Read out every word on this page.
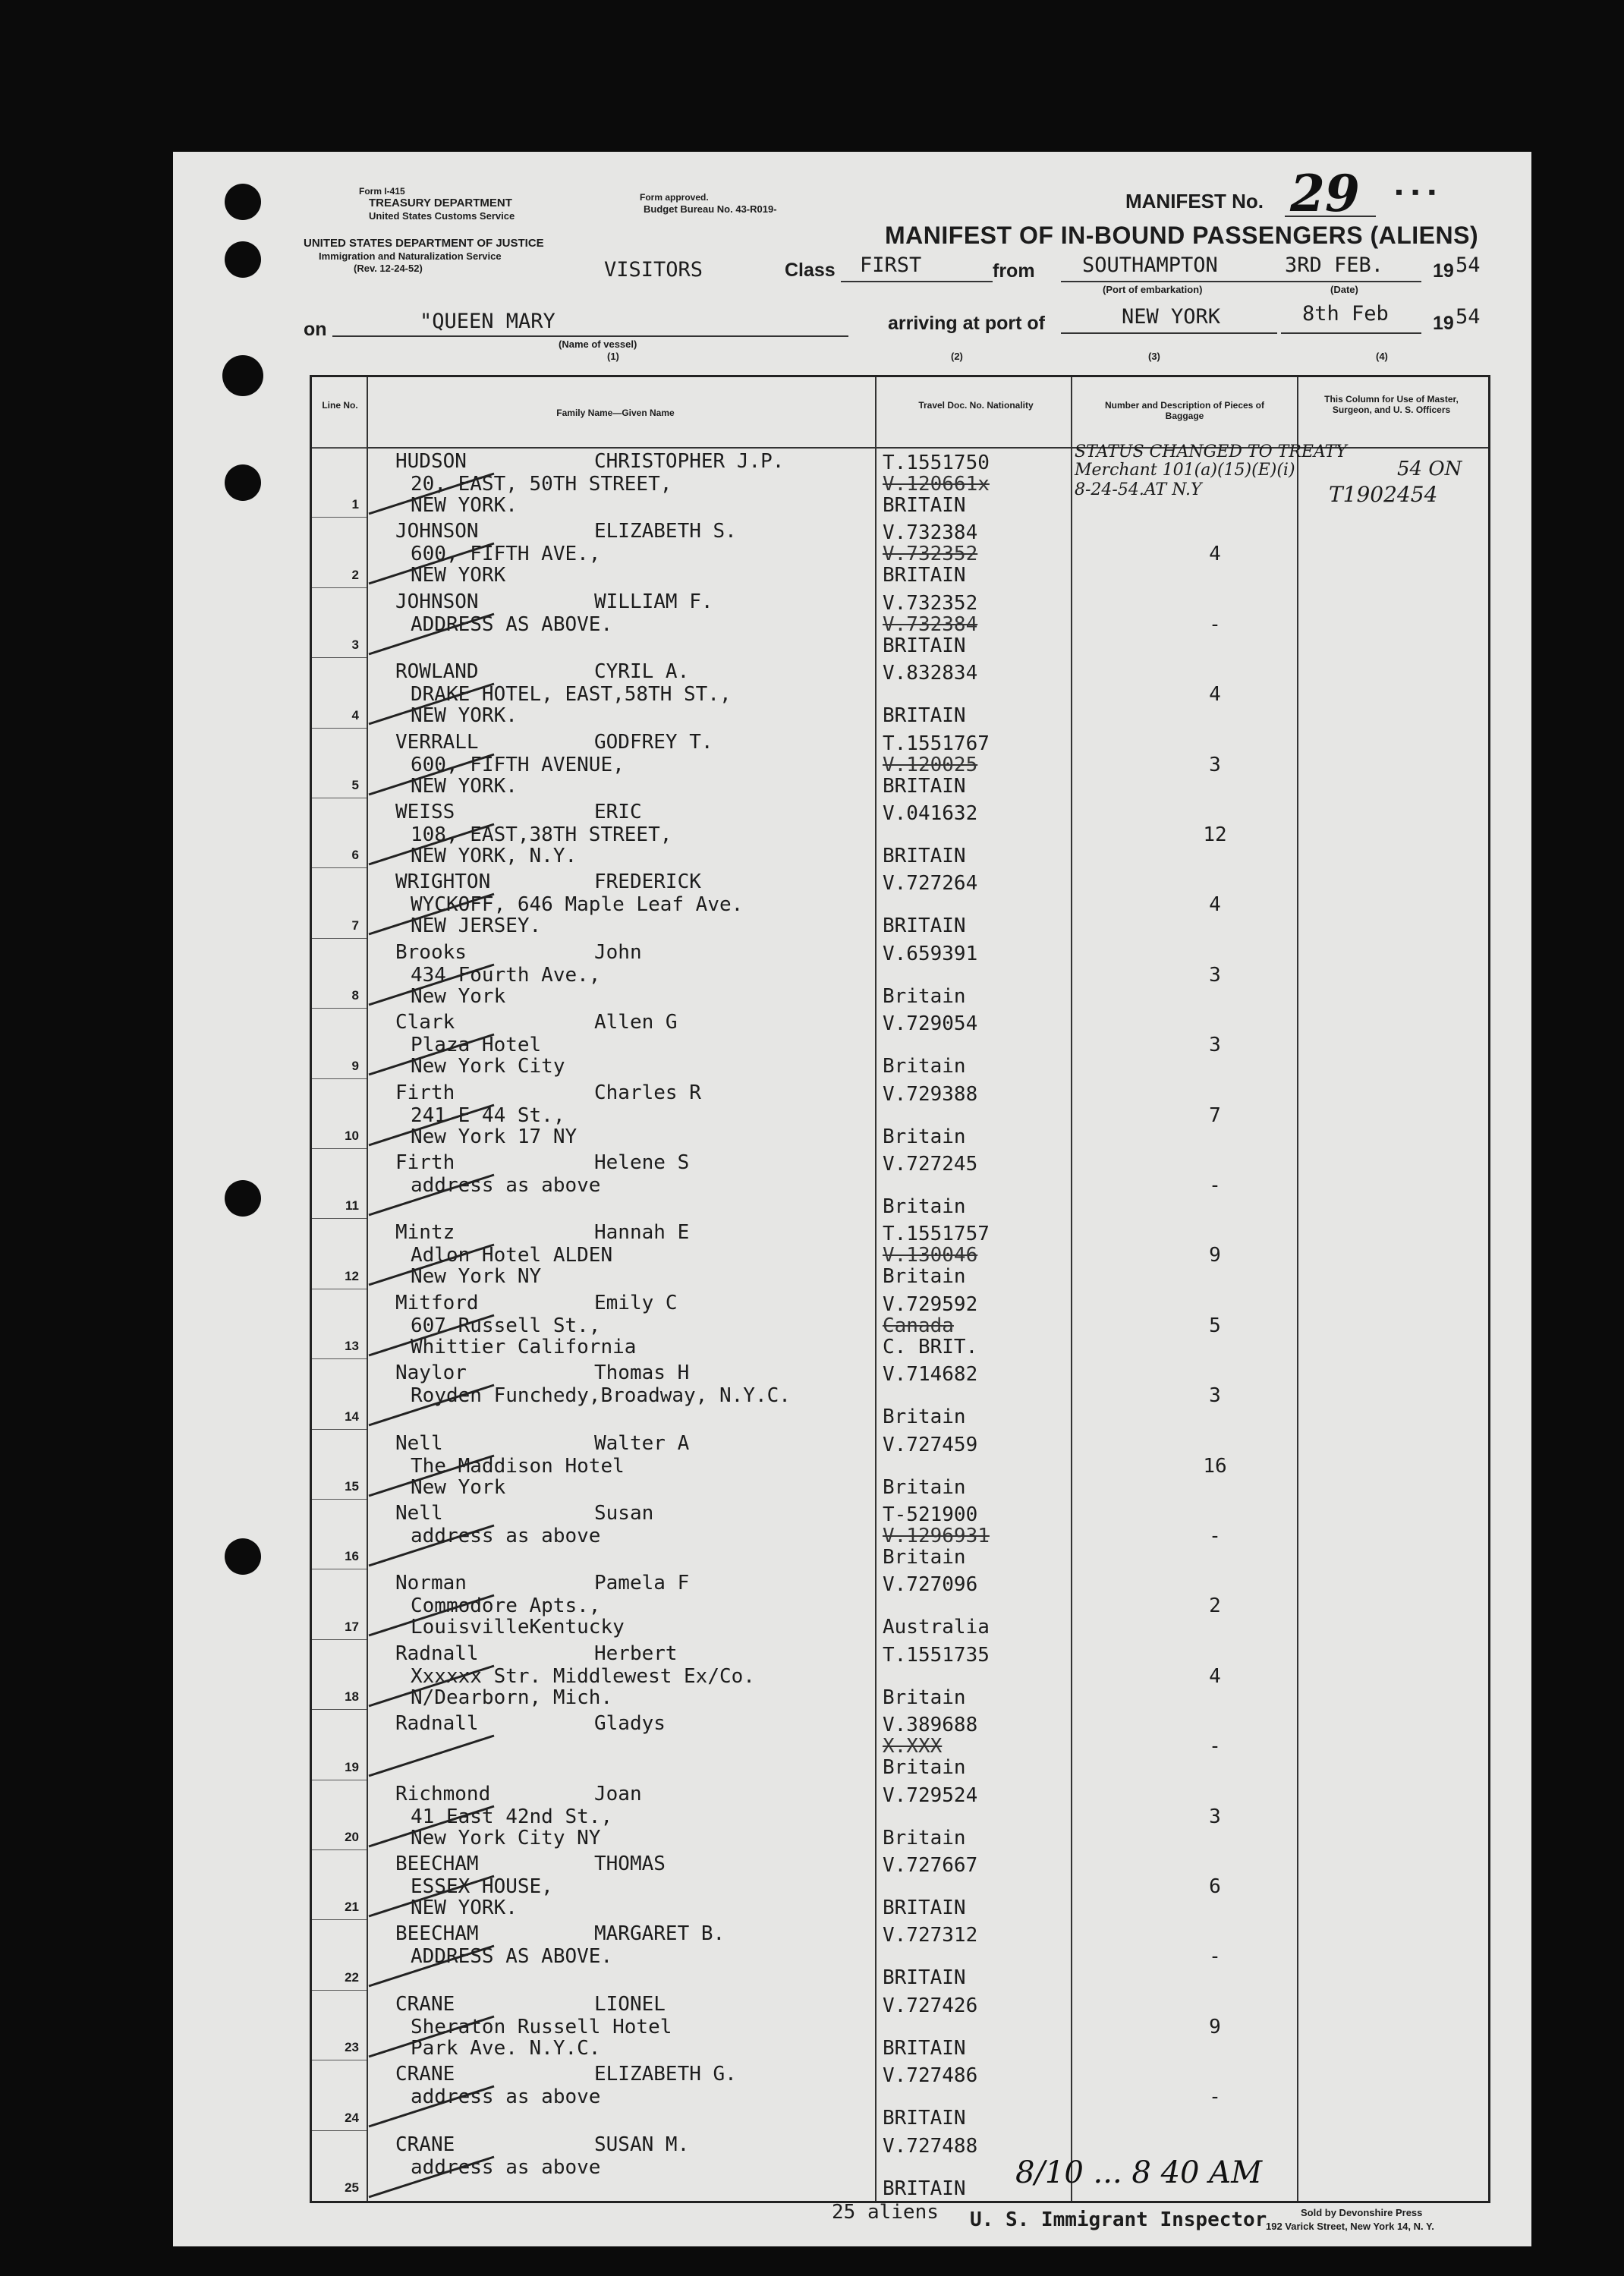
Form I-415
TREASURY DEPARTMENT
United States Customs Service
UNITED STATES DEPARTMENT OF JUSTICE
Immigration and Naturalization Service
(Rev. 12-24-52)
Form approved.
Budget Bureau No. 43-R019-	MANIFEST No. 29	▪ ▪ ▪
MANIFEST OF IN-BOUND PASSENGERS (ALIENS)
VISITORS	Class FIRST	from SOUTHAMPTON
(Port of embarkation)
3RD FEB.
(Date)
19 54
on	"QUEEN MARY
(Name of vessel)
(1)
arriving at port of	NEW YORK	8th Feb 19 54
(2)	(3)	(4)
Line No.
Family Name—Given Name
Travel Doc. No. Nationality	Number and Description of Pieces of Baggage
This Column for Use of Master, Surgeon, and U. S. Officers
1
HUDSON	CHRISTOPHER J.P.
20, EAST, 50TH STREET,
NEW YORK.
T.1551750
V.120661x
BRITAIN
STATUS CHANGED TO TREATY
Merchant 101(a)(15)(E)(i)
8-24-54.AT N.Y
54 ON
T1902454
2
JOHNSON	ELIZABETH S.
600, FIFTH AVE.,
NEW YORK
V.732384
V.732352
BRITAIN
4
3
JOHNSON	WILLIAM F.
ADDRESS AS ABOVE.
V.732352
V.732384
BRITAIN
-
4
ROWLAND	CYRIL A.
DRAKE HOTEL, EAST,58TH ST.,
NEW YORK.
V.832834
BRITAIN
4
5
VERRALL	GODFREY T.
600, FIFTH AVENUE,
NEW YORK.
T.1551767
V.120025
BRITAIN
3
6
WEISS	ERIC
108, EAST,38TH STREET,
NEW YORK, N.Y.
V.041632
BRITAIN
12
7
WRIGHTON	FREDERICK
WYCKOFF, 646 Maple Leaf Ave.
NEW JERSEY.
V.727264
BRITAIN
4
8
Brooks	John
434 Fourth Ave.,
New York
V.659391
Britain
3
9
Clark	Allen G
Plaza Hotel
New York City
V.729054
Britain
3
10
Firth	Charles R
241 E 44 St.,
New York 17 NY
V.729388
Britain
7
11
Firth	Helene S
address as above
V.727245
Britain
-
12
Mintz	Hannah E
Adlon Hotel ALDEN
New York NY
T.1551757
V.130046
Britain
9
13
Mitford	Emily C
607 Russell St.,
Whittier California
V.729592
Canada
C. BRIT.
5
14
Naylor	Thomas H
Royden Funchedy,Broadway, N.Y.C.
V.714682
Britain
3
15
Nell	Walter A
The Maddison Hotel
New York
V.727459
Britain
16
16
Nell	Susan
address as above
T-521900
V.1296931
Britain
-
17
Norman	Pamela F
Commodore Apts.,
LouisvilleKentucky
V.727096
Australia
2
18
Radnall	Herbert
Xxxxxx Str. Middlewest Ex/Co.
N/Dearborn, Mich.
T.1551735
Britain
4
19
Radnall	Gladys	V.389688
X.XXX
Britain
-
20
Richmond	Joan
41 East 42nd St.,
New York City NY
V.729524
Britain
3
21
BEECHAM	THOMAS
ESSEX HOUSE,
NEW YORK.
V.727667
BRITAIN
6
22
BEECHAM	MARGARET B.
ADDRESS AS ABOVE.
V.727312
BRITAIN
-
23
CRANE	LIONEL
Sheraton Russell Hotel
Park Ave. N.Y.C.
V.727426
BRITAIN
9
24
CRANE	ELIZABETH G.
address as above
V.727486
BRITAIN
-
25
CRANE	SUSAN M.
address as above
V.727488
BRITAIN
25 aliens U. S. Immigrant Inspector
8/10 ... 8 40 AM
Sold by Devonshire Press
192 Varick Street, New York 14, N. Y.
